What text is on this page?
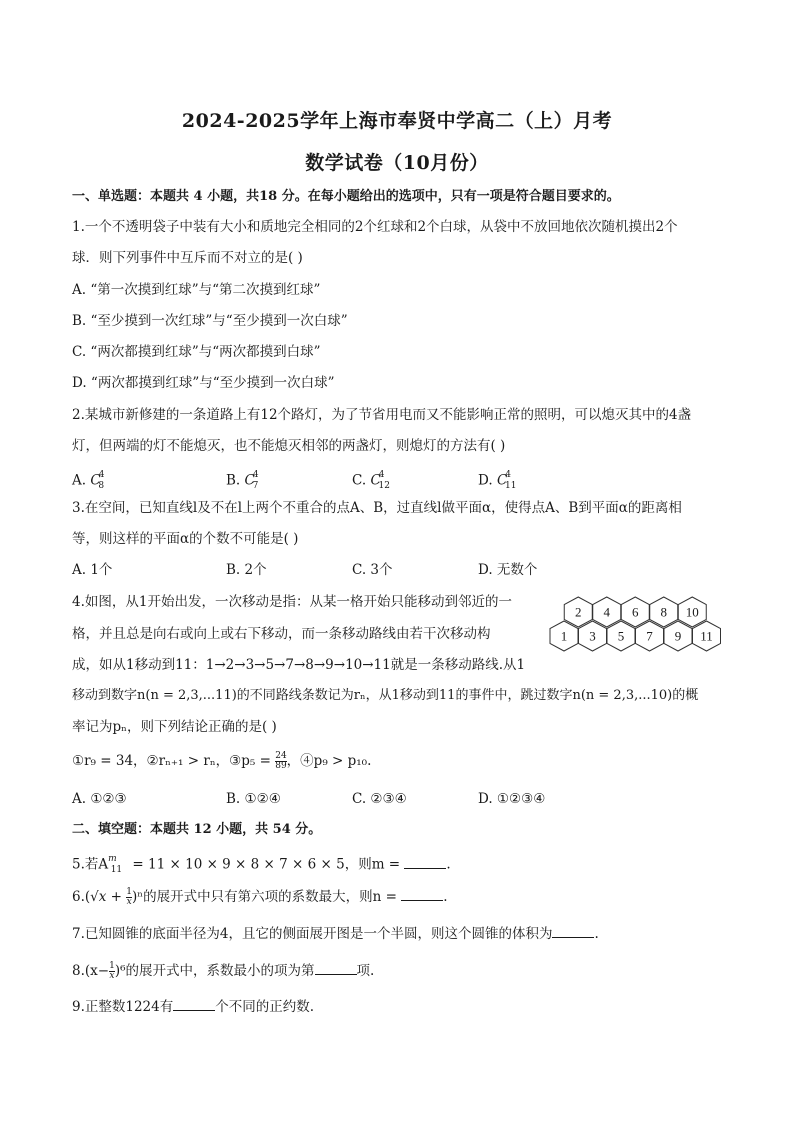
2024-2025学年上海市奉贤中学高二（上）月考
数学试卷（10月份）
一、单选题：本题共 4 小题，共18 分。在每小题给出的选项中，只有一项是符合题目要求的。
1.一个不透明袋子中装有大小和质地完全相同的2个红球和2个白球，从袋中不放回地依次随机摸出2个
球．则下列事件中互斥而不对立的是( )
A. “第一次摸到红球”与“第二次摸到红球”
B. “至少摸到一次红球”与“至少摸到一次白球”
C. “两次都摸到红球”与“两次都摸到白球”
D. “两次都摸到红球”与“至少摸到一次白球”
2.某城市新修建的一条道路上有12个路灯，为了节省用电而又不能影响正常的照明，可以熄灭其中的4盏
灯，但两端的灯不能熄灭，也不能熄灭相邻的两盏灯，则熄灯的方法有( )
A. $C^4_8$	B. $C^4_7$	C. $C^4_{12}$	D. $C^4_{11}$
3.在空间，已知直线l及不在l上两个不重合的点A、B，过直线l做平面α，使得点A、B到平面α的距离相
等，则这样的平面α的个数不可能是( )
A. 1个	B. 2个	C. 3个	D. 无数个
4.如图，从1开始出发，一次移动是指：从某一格开始只能移动到邻近的一
格，并且总是向右或向上或右下移动，而一条移动路线由若干次移动构
成，如从1移动到11：1→2→3→5→7→8→9→10→11就是一条移动路线.从1
移动到数字n(n = 2,3,...11)的不同路线条数记为rₙ，从1移动到11的事件中，跳过数字n(n = 2,3,...10)的概
率记为pₙ，则下列结论正确的是( )
①r₉ = 34，②rₙ₊₁ > rₙ，③p₅ = $\frac{24}{89}$ ，④p₉ > p₁₀.
A. ①②③	B. ①②④	C. ②③④	D. ①②③④
1 3 5 7 9 11
2 4 6 8 10
二、填空题：本题共 12 小题，共 54 分。
5.若$A^m_{11} = 11 \times 10 \times 9 \times 8 \times 7 \times 6 \times 5$，则m =	.
$6.(√x + \frac{1}{x} )^n$的展开式中只有第六项的系数最大，则n =	.
7.已知圆锥的底面半径为4，且它的侧面展开图是一个半圆，则这个圆锥的体积为	.
$8.(x- \frac{1}{x} )^6$的展开式中，系数最小的项为第	项.
9.正整数1224有	个不同的正约数.
